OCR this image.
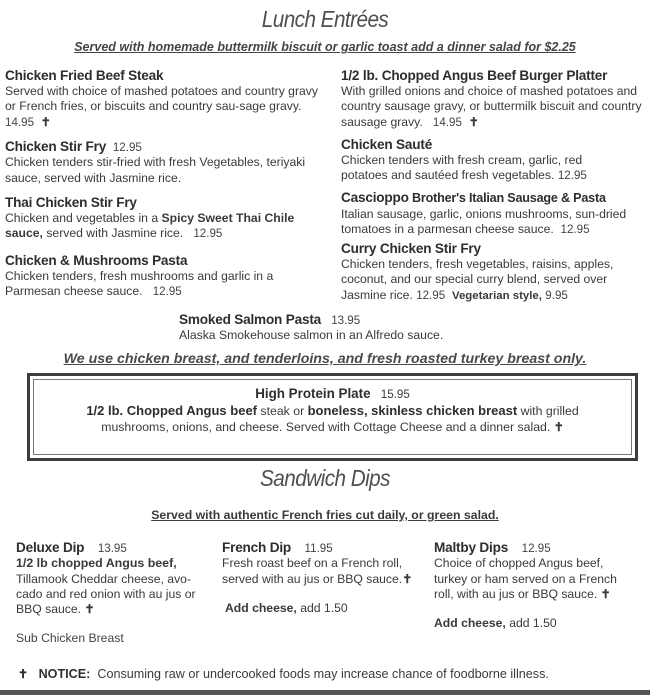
Lunch Entrées
Served with homemade buttermilk biscuit or garlic toast add a dinner salad for $2.25
Chicken Fried Beef Steak
Served with choice of mashed potatoes and country gravy or French fries, or biscuits and country sau-sage gravy.   14.95 ✝
Chicken Stir Fry 12.95
Chicken tenders stir-fried with fresh Vegetables, teriyaki sauce, served with Jasmine rice.
Thai Chicken Stir Fry
Chicken and vegetables in a Spicy Sweet Thai Chile sauce, served with Jasmine rice. 12.95
Chicken & Mushrooms Pasta
Chicken tenders, fresh mushrooms and garlic in a Parmesan cheese sauce. 12.95
1/2 lb. Chopped Angus Beef Burger Platter
With grilled onions and choice of mashed potatoes and country sausage gravy, or buttermilk biscuit and country sausage gravy. 14.95 ✝
Chicken Sauté
Chicken tenders with fresh cream, garlic, red potatoes and sautéed fresh vegetables. 12.95
Cascioppo Brother's Italian Sausage & Pasta
Italian sausage, garlic, onions mushrooms, sun-dried tomatoes in a parmesan cheese sauce. 12.95
Curry Chicken Stir Fry
Chicken tenders, fresh vegetables, raisins, apples, coconut, and our special curry blend, served over Jasmine rice. 12.95 Vegetarian style, 9.95
Smoked Salmon Pasta 13.95
Alaska Smokehouse salmon in an Alfredo sauce.
We use chicken breast, and tenderloins, and fresh roasted turkey breast only.
High Protein Plate 15.95
1/2 lb. Chopped Angus beef steak or boneless, skinless chicken breast with grilled mushrooms, onions, and cheese. Served with Cottage Cheese and a dinner salad. ✝
Sandwich Dips
Served with authentic French fries cut daily, or green salad.
Deluxe Dip 13.95
1/2 lb chopped Angus beef,
Tillamook Cheddar cheese, avo-cado and red onion with au jus or BBQ sauce. ✝
Sub Chicken Breast
French Dip 11.95
Fresh roast beef on a French roll, served with au jus or BBQ sauce.✝
Add cheese, add 1.50
Maltby Dips 12.95
Choice of chopped Angus beef, turkey or ham served on a French roll, with au jus or BBQ sauce. ✝
Add cheese, add 1.50
✝ NOTICE: Consuming raw or undercooked foods may increase chance of foodborne illness.
